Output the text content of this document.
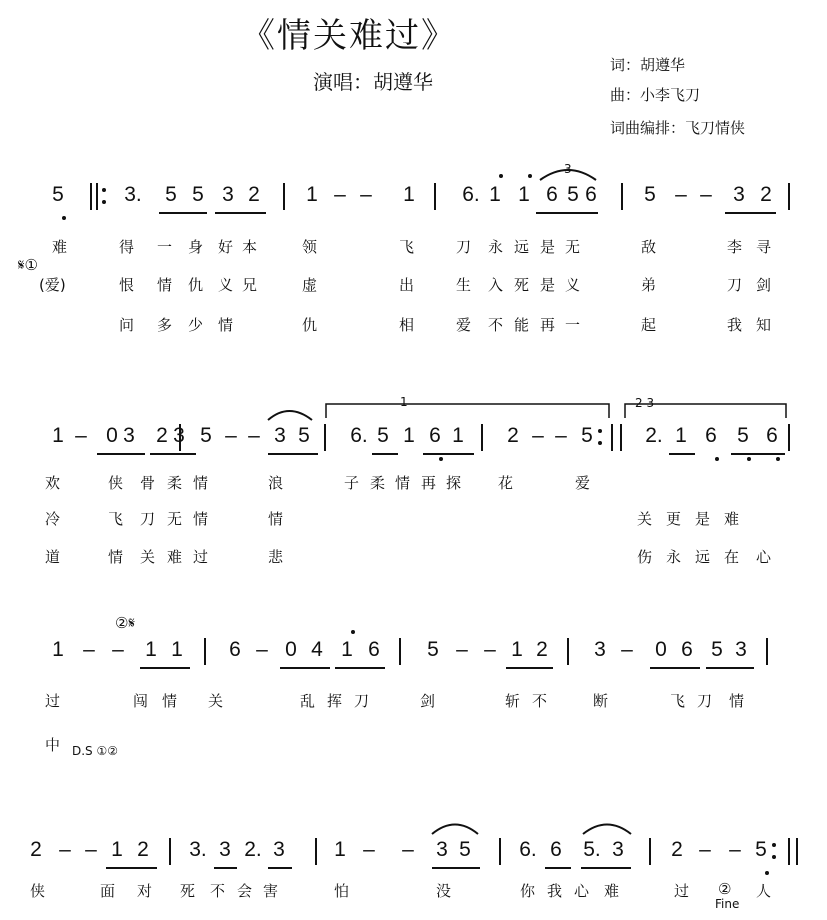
《情关难过》
演唱：胡遵华
词：胡遵华
曲：小李飞刀
词曲编排：飞刀情侠
5	3. 5 5 3 2 1 – – 1 6. 1 1 6 5 6 5 – – 3 2
难	得 一 身 好 本	领	飞	刀 永 远 是 无	敌	李 寻
(爱)	恨 情 仇 义 兄	虚	出	生 入 死 是 义	弟	刀 剑
问 多 少 情	仇	相	爱 不 能 再 一	起	我 知
1 – 0 3 2 3 5 – – 3 5 6. 5 1 6 1 2 – – 5 2. 1 6 5 6
欢	侠 骨 柔 情	浪	子 柔 情 再 探 花	爱
冷	飞 刀 无 情	情	关 更 是 难
道	情 关 难 过	悲	伤 永 远 在 心
1 – – 1 1 6 – 0 4 1 6 5 – – 1 2 3 – 0 6 5 3
过	闯 情 关	乱 挥 刀	剑	斩 不	断	飞 刀 情
中
2 – – 1 2 3. 3 2. 3 1 – – 3 5 6. 6 5. 3 2 – – 5
侠	面 对 死 不 会 害	怕	没	你 我 心 难	过 ② 人
𝄋①
1	2 3
3
②𝄋
D.S ①②
Fine
